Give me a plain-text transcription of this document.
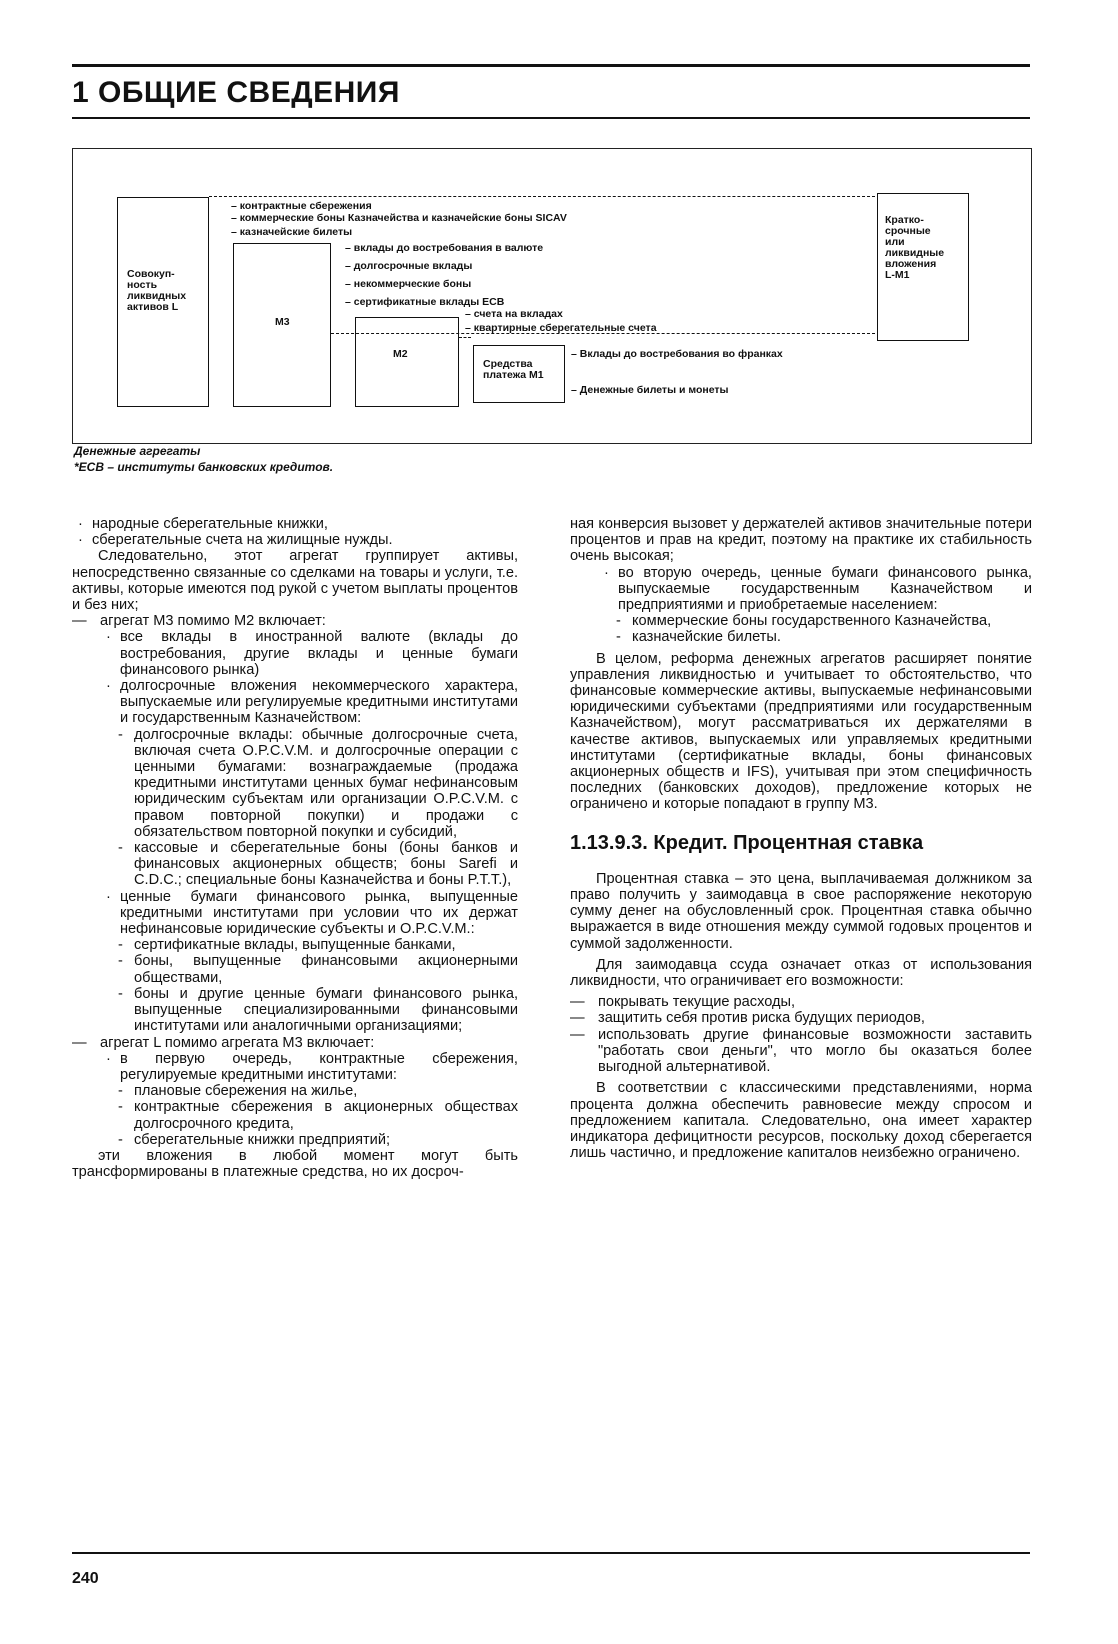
1 ОБЩИЕ СВЕДЕНИЯ
Совокуп-
ность
ликвидных
активов L
M3
M2
Средства
платежа M1
Кратко-
срочные
или
ликвидные
вложения
L-M1
– контрактные сбережения
– коммерческие боны Казначейства и казначейские боны SICAV
– казначейские билеты
– вклады до востребования в валюте
– долгосрочные вклады
– некоммерческие боны
– сертификатные вклады ECB
– счета на вкладах
– квартирные сберегательные счета
– Вклады до востребования во франках
– Денежные билеты и монеты
Денежные агрегаты
*ECB – институты банковских кредитов.

· народные сберегательные книжки,

· сберегательные счета на жилищные нужды.

Следовательно, этот агрегат группирует активы, непосредственно связанные со сделками на товары и услуги, т.е. активы, которые имеются под рукой с учетом выплаты процентов и без них;

— агрегат M3 помимо M2 включает:

· все вклады в иностранной валюте (вклады до востребования, другие вклады и ценные бумаги финансового рынка)

· долгосрочные вложения некоммерческого характера, выпускаемые или регулируемые кредитными институтами и государственным Казначейством:

- долгосрочные вклады: обычные долгосрочные счета, включая счета O.P.C.V.M. и долгосрочные операции с ценными бумагами: вознаграждаемые (продажа кредитными институтами ценных бумаг нефинансовым юридическим субъектам или организации O.P.C.V.M. с правом повторной покупки) и продажи с обязательством повторной покупки и субсидий,

- кассовые и сберегательные боны (боны банков и финансовых акционерных обществ; боны Sarefi и C.D.C.; специальные боны Казначейства и боны P.T.T.),

· ценные бумаги финансового рынка, выпущенные кредитными институтами при условии что их держат нефинансовые юридические субъекты и O.P.C.V.M.:

- сертификатные вклады, выпущенные банками,

- боны, выпущенные финансовыми акционерными обществами,

- боны и другие ценные бумаги финансового рынка, выпущенные специализированными финансовыми институтами или аналогичными организациями;

— агрегат L помимо агрегата M3 включает:

· в первую очередь, контрактные сбережения, регулируемые кредитными институтами:

- плановые сбережения на жилье,

- контрактные сбережения в акционерных обществах долгосрочного кредита,

- сберегательные книжки предприятий;

эти вложения в любой момент могут быть трансформированы в платежные средства, но их досроч-

ная конверсия вызовет у держателей активов значительные потери процентов и прав на кредит, поэтому на практике их стабильность очень высокая;

· во вторую очередь, ценные бумаги финансового рынка, выпускаемые государственным Казначейством и предприятиями и приобретаемые населением:

- коммерческие боны государственного Казначейства,

- казначейские билеты.

В целом, реформа денежных агрегатов расширяет понятие управления ликвидностью и учитывает то обстоятельство, что финансовые коммерческие активы, выпускаемые нефинансовыми юридическими субъектами (предприятиями или государственным Казначейством), могут рассматриваться их держателями в качестве активов, выпускаемых или управляемых кредитными институтами (сертификатные вклады, боны финансовых акционерных обществ и IFS), учитывая при этом специфичность последних (банковских доходов), предложение которых не ограничено и которые попадают в группу M3.

1.13.9.3. Кредит. Процентная ставка

Процентная ставка – это цена, выплачиваемая должником за право получить у заимодавца в свое распоряжение некоторую сумму денег на обусловленный срок. Процентная ставка обычно выражается в виде отношения между суммой годовых процентов и суммой задолженности.

Для заимодавца ссуда означает отказ от использования ликвидности, что ограничивает его возможности:

— покрывать текущие расходы,

— защитить себя против риска будущих периодов,

— использовать другие финансовые возможности заставить "работать свои деньги", что могло бы оказаться более выгодной альтернативой.

В соответствии с классическими представлениями, норма процента должна обеспечить равновесие между спросом и предложением капитала. Следовательно, она имеет характер индикатора дефицитности ресурсов, поскольку доход сберегается лишь частично, и предложение капиталов неизбежно ограничено.

240
